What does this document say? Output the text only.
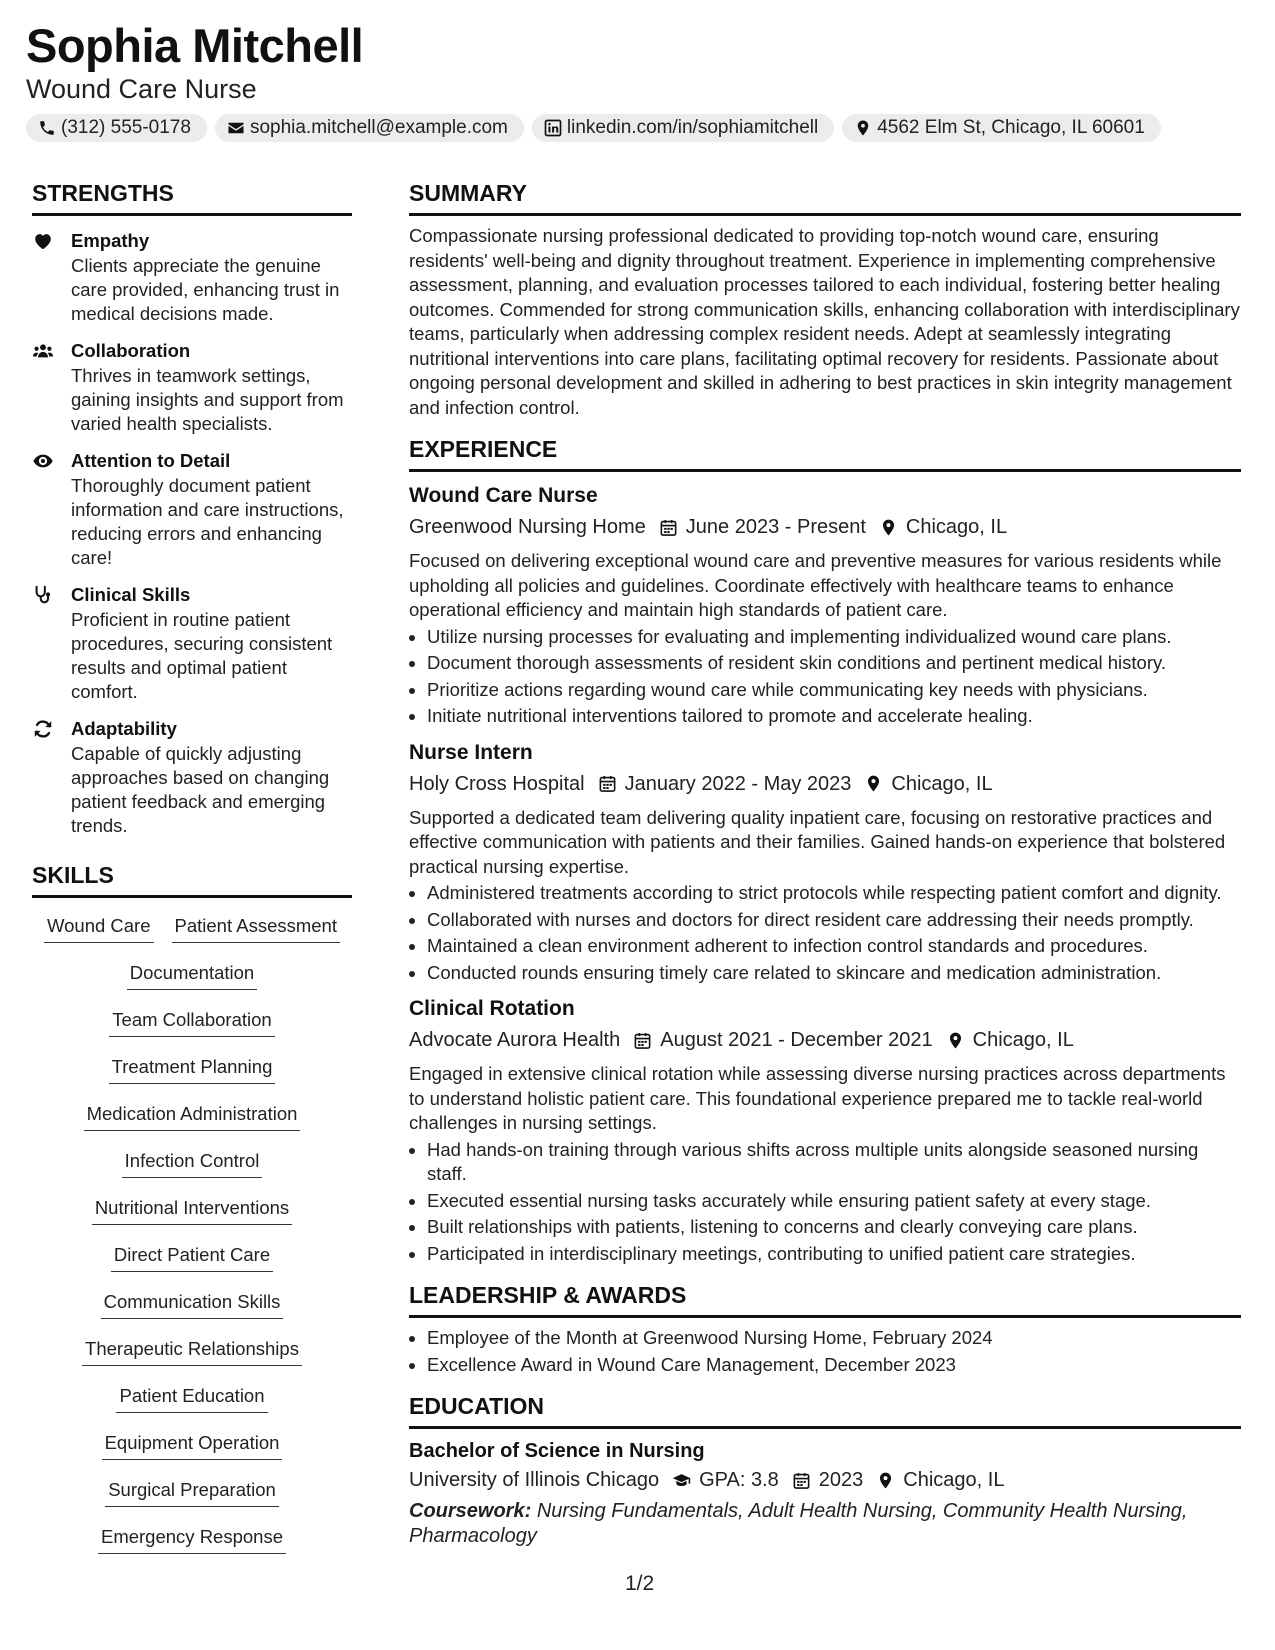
Sophia Mitchell
Wound Care Nurse
(312) 555-0178	sophia.mitchell@example.com	linkedin.com/in/sophiamitchell	4562 Elm St, Chicago, IL 60601
STRENGTHS
Empathy
Clients appreciate the genuine care provided, enhancing trust in medical decisions made.
Collaboration
Thrives in teamwork settings, gaining insights and support from varied health specialists.
Attention to Detail
Thoroughly document patient information and care instructions, reducing errors and enhancing care!
Clinical Skills
Proficient in routine patient procedures, securing consistent results and optimal patient comfort.
Adaptability
Capable of quickly adjusting approaches based on changing patient feedback and emerging trends.
SKILLS
Wound Care Patient Assessment
Documentation
Team Collaboration
Treatment Planning
Medication Administration
Infection Control
Nutritional Interventions
Direct Patient Care
Communication Skills
Therapeutic Relationships
Patient Education
Equipment Operation
Surgical Preparation
Emergency Response
SUMMARY

Compassionate nursing professional dedicated to providing top-notch wound care, ensuring residents' well-being and dignity throughout treatment. Experience in implementing comprehensive assessment, planning, and evaluation processes tailored to each individual, fostering better healing outcomes. Commended for strong communication skills, enhancing collaboration with interdisciplinary teams, particularly when addressing complex resident needs. Adept at seamlessly integrating nutritional interventions into care plans, facilitating optimal recovery for residents. Passionate about ongoing personal development and skilled in adhering to best practices in skin integrity management and infection control.

EXPERIENCE
Wound Care Nurse
Greenwood Nursing Home June 2023 - Present Chicago, IL

Focused on delivering exceptional wound care and preventive measures for various residents while upholding all policies and guidelines. Coordinate effectively with healthcare teams to enhance operational efficiency and maintain high standards of patient care.

• Utilize nursing processes for evaluating and implementing individualized wound care plans.
• Document thorough assessments of resident skin conditions and pertinent medical history.
• Prioritize actions regarding wound care while communicating key needs with physicians.
• Initiate nutritional interventions tailored to promote and accelerate healing.
Nurse Intern
Holy Cross Hospital January 2022 - May 2023 Chicago, IL

Supported a dedicated team delivering quality inpatient care, focusing on restorative practices and effective communication with patients and their families. Gained hands-on experience that bolstered practical nursing expertise.

• Administered treatments according to strict protocols while respecting patient comfort and dignity.
• Collaborated with nurses and doctors for direct resident care addressing their needs promptly.
• Maintained a clean environment adherent to infection control standards and procedures.
• Conducted rounds ensuring timely care related to skincare and medication administration.
Clinical Rotation
Advocate Aurora Health August 2021 - December 2021 Chicago, IL

Engaged in extensive clinical rotation while assessing diverse nursing practices across departments to understand holistic patient care. This foundational experience prepared me to tackle real-world challenges in nursing settings.

• Had hands-on training through various shifts across multiple units alongside seasoned nursing staff.
• Executed essential nursing tasks accurately while ensuring patient safety at every stage.
• Built relationships with patients, listening to concerns and clearly conveying care plans.
• Participated in interdisciplinary meetings, contributing to unified patient care strategies.
LEADERSHIP & AWARDS
• Employee of the Month at Greenwood Nursing Home, February 2024
• Excellence Award in Wound Care Management, December 2023
EDUCATION
Bachelor of Science in Nursing
University of Illinois Chicago GPA: 3.8 2023 Chicago, IL
Coursework: Nursing Fundamentals, Adult Health Nursing, Community Health Nursing, Pharmacology
1/2
